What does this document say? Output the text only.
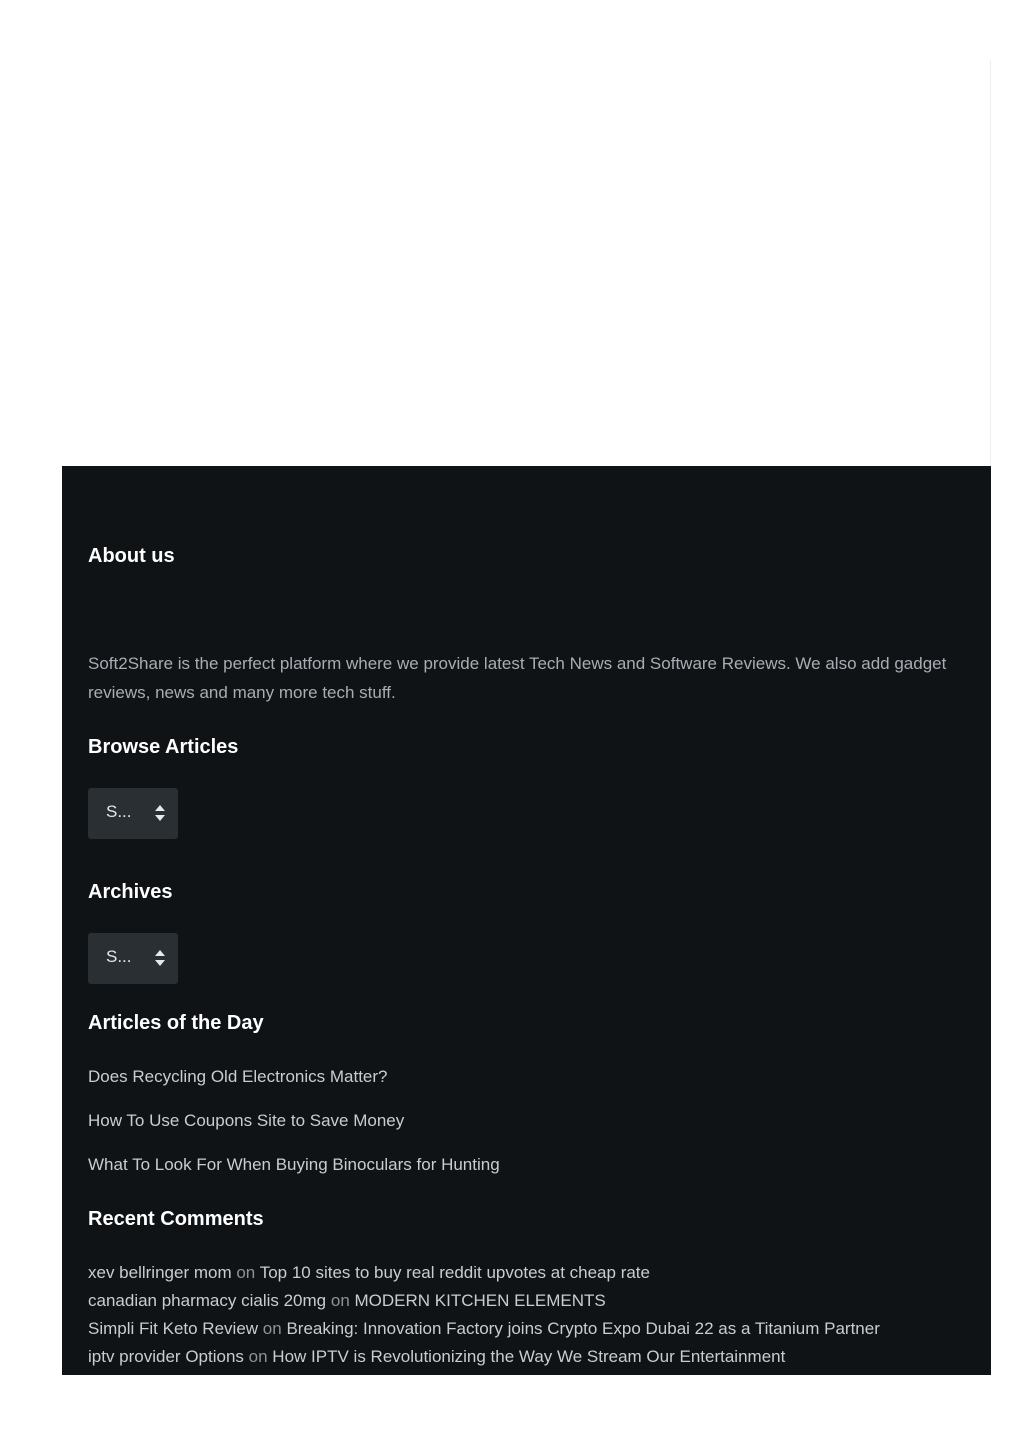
About us

Soft2Share is the perfect platform where we provide latest Tech News and Software Reviews. We also add gadget reviews, news and many more tech stuff.

Browse Articles
S...
Archives
S...
Articles of the Day
Does Recycling Old Electronics Matter?
How To Use Coupons Site to Save Money
What To Look For When Buying Binoculars for Hunting
Recent Comments
xev bellringer mom on Top 10 sites to buy real reddit upvotes at cheap rate
canadian pharmacy cialis 20mg on MODERN KITCHEN ELEMENTS
Simpli Fit Keto Review on Breaking: Innovation Factory joins Crypto Expo Dubai 22 as a Titanium Partner
iptv provider Options on How IPTV is Revolutionizing the Way We Stream Our Entertainment
